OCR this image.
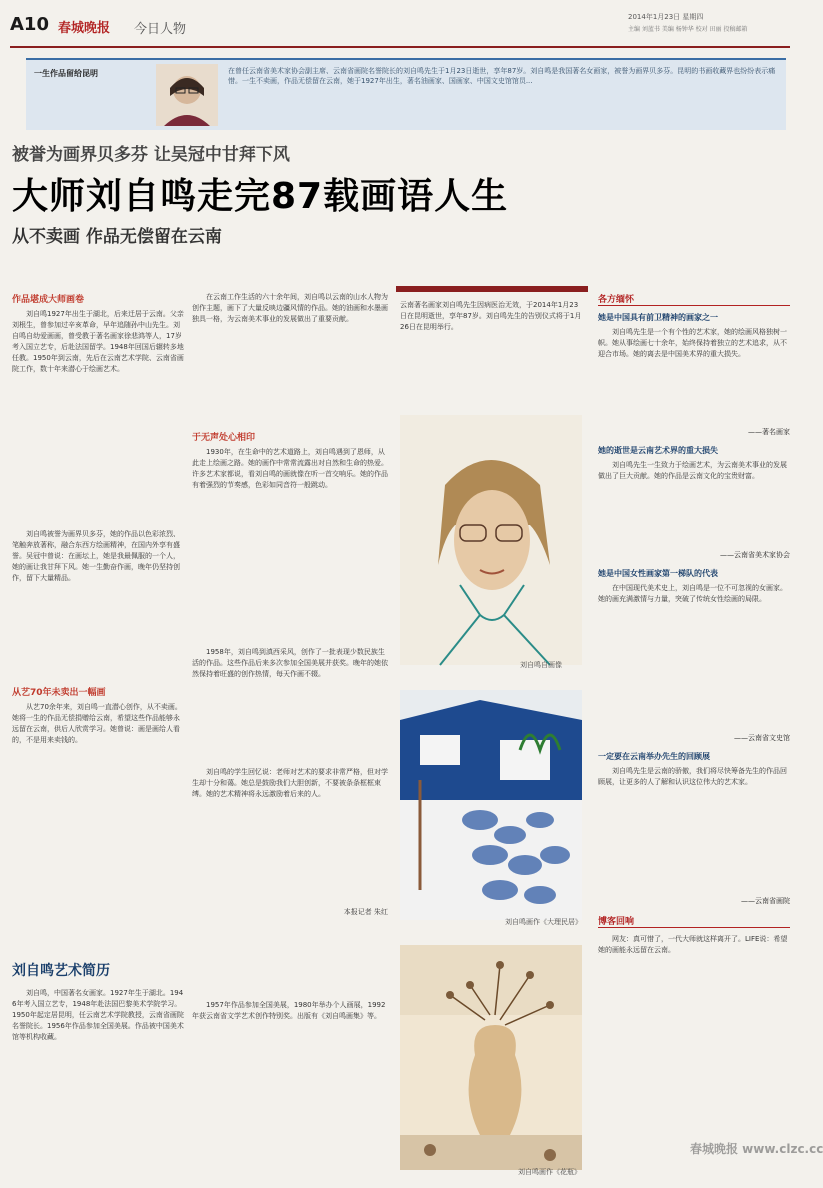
A10 春城晚报 今日人物
2014年1月23日 星期四
主编 刘蓝书 美编 杨钟华 校对 田丽 投稿邮箱
一生作品留给昆明	在曾任云南省美术家协会副主席、云南省画院名誉院长的刘自鸣先生于1月23日逝世，享年87岁。刘自鸣是我国著名女画家，被誉为画界贝多芬。昆明的书画收藏界也纷纷表示痛惜。一生不卖画，作品无偿留在云南，她于1927年出生，著名油画家、国画家、中国文史馆馆员...
被誉为画界贝多芬 让吴冠中甘拜下风
大师刘自鸣走完87载画语人生
从不卖画 作品无偿留在云南
作品堪成大师画卷
刘自鸣1927年出生于湖北，后来迁居于云南。父亲刘根生，曾参加过辛亥革命，早年追随孙中山先生。刘自鸣自幼爱画画，曾受教于著名画家徐悲鸿等人，17岁考入国立艺专，后赴法国留学。1948年回国后辗转多地任教。1950年到云南，先后在云南艺术学院、云南省画院工作，数十年来潜心于绘画艺术。
刘自鸣被誉为画界贝多芬，她的作品以色彩浓烈、笔触奔放著称，融合东西方绘画精神，在国内外享有盛誉。吴冠中曾说：在画坛上，她是我最佩服的一个人，她的画让我甘拜下风。她一生勤奋作画，晚年仍坚持创作，留下大量精品。
从艺70年未卖出一幅画
从艺70余年来，刘自鸣一直潜心创作，从不卖画。她将一生的作品无偿捐赠给云南，希望这些作品能够永远留在云南，供后人欣赏学习。她曾说：画是画给人看的，不是用来卖钱的。
刘自鸣艺术简历
刘自鸣，中国著名女画家。1927年生于湖北。1946年考入国立艺专，1948年赴法国巴黎美术学院学习。1950年起定居昆明，任云南艺术学院教授，云南省画院名誉院长。1956年作品参加全国美展。作品被中国美术馆等机构收藏。
在云南工作生活的六十余年间，刘自鸣以云南的山水人物为创作主题，画下了大量反映边疆风情的作品。她的油画和水墨画独具一格，为云南美术事业的发展做出了重要贡献。
于无声处心相印
1930年，在生命中的艺术道路上，刘自鸣遇到了恩师，从此走上绘画之路。她的画作中常常流露出对自然和生命的热爱。许多艺术家都说，看刘自鸣的画就像在听一首交响乐。她的作品有着强烈的节奏感，色彩如同音符一般跳动。
1958年，刘自鸣到滇西采风，创作了一批表现少数民族生活的作品。这些作品后来多次参加全国美展并获奖。晚年的她依然保持着旺盛的创作热情，每天作画不辍。
刘自鸣的学生回忆说：老师对艺术的要求非常严格，但对学生却十分和蔼。她总是鼓励我们大胆创新，不要被条条框框束缚。她的艺术精神将永远激励着后来的人。
本报记者 朱红
1957年作品参加全国美展，1980年举办个人画展，1992年获云南省文学艺术创作特别奖。出版有《刘自鸣画集》等。
云南著名画家刘自鸣先生因病医治无效，于2014年1月23日在昆明逝世，享年87岁。刘自鸣先生的告别仪式将于1月26日在昆明举行。
刘自鸣自画像
刘自鸣画作《大理民居》
刘自鸣画作《花瓶》
各方缅怀
她是中国具有前卫精神的画家之一
刘自鸣先生是一个有个性的艺术家，她的绘画风格独树一帜。她从事绘画七十余年，始终保持着独立的艺术追求，从不迎合市场。她的离去是中国美术界的重大损失。
——著名画家
她的逝世是云南艺术界的重大损失
刘自鸣先生一生致力于绘画艺术，为云南美术事业的发展做出了巨大贡献。她的作品是云南文化的宝贵财富。
——云南省美术家协会
她是中国女性画家第一梯队的代表
在中国现代美术史上，刘自鸣是一位不可忽视的女画家。她的画充满激情与力量，突破了传统女性绘画的局限。
——云南省文史馆
一定要在云南举办先生的回顾展
刘自鸣先生是云南的骄傲，我们将尽快筹备先生的作品回顾展，让更多的人了解和认识这位伟大的艺术家。
——云南省画院
博客回响
网友：真可惜了，一代大师就这样离开了。LIFE说：希望她的画能永远留在云南。
春城晚报 www.clzc.cc
